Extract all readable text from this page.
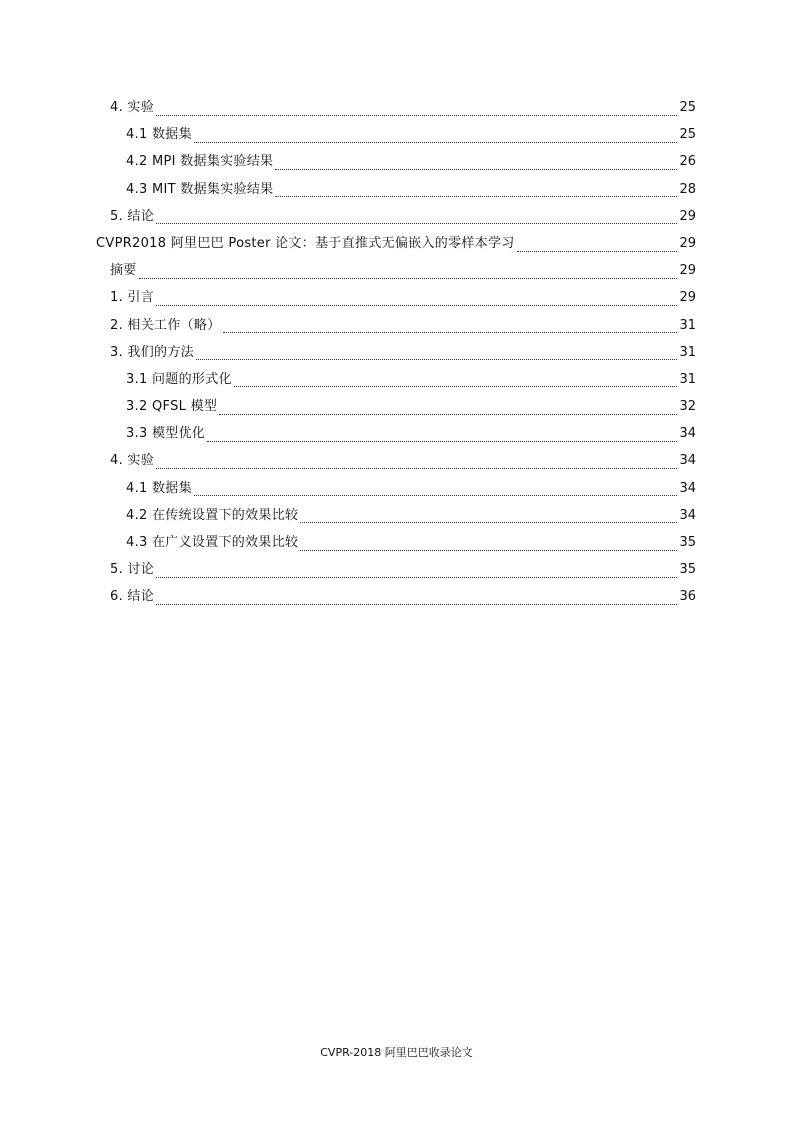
4. 实验	25
4.1 数据集	25
4.2 MPI 数据集实验结果	26
4.3 MIT 数据集实验结果	28
5. 结论	29
CVPR2018 阿里巴巴 Poster 论文：基于直推式无偏嵌入的零样本学习	29
摘要	29
1. 引言	29
2. 相关工作（略）	31
3. 我们的方法	31
3.1 问题的形式化	31
3.2 QFSL 模型	32
3.3 模型优化	34
4. 实验	34
4.1 数据集	34
4.2 在传统设置下的效果比较	34
4.3 在广义设置下的效果比较	35
5. 讨论	35
6. 结论	36
CVPR-2018 阿里巴巴收录论文
